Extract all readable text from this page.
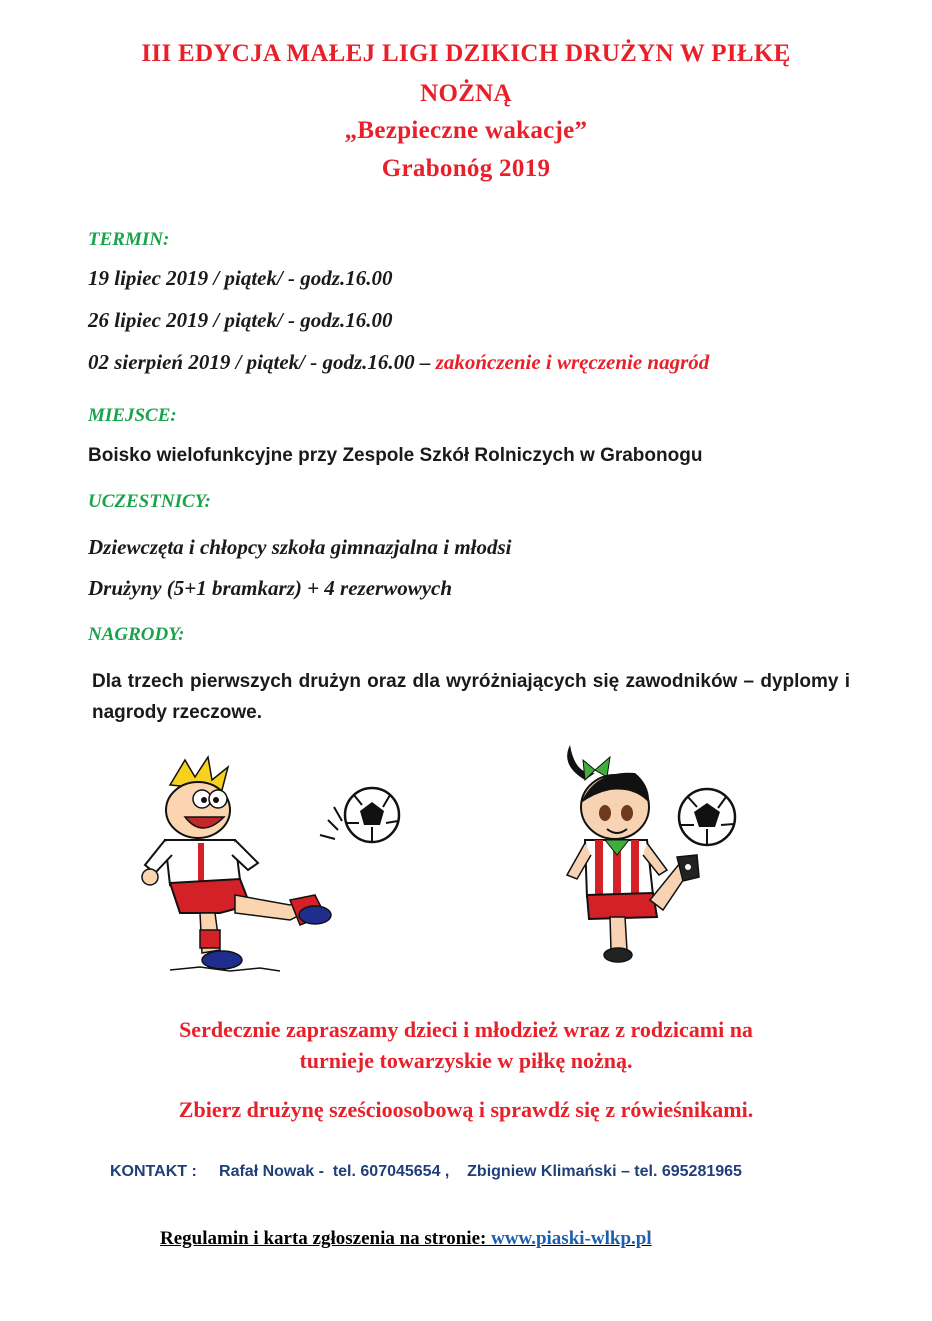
III EDYCJA MAŁEJ LIGI DZIKICH DRUŻYN W PIŁKĘ
NOŻNĄ
„Bezpieczne wakacje”
Grabonóg 2019
TERMIN:
19 lipiec 2019 / piątek/ - godz.16.00
26 lipiec 2019 / piątek/ - godz.16.00
02 sierpień 2019 / piątek/ - godz.16.00 – zakończenie i wręczenie nagród
MIEJSCE:
Boisko wielofunkcyjne przy Zespole Szkół Rolniczych w Grabonogu
UCZESTNICY:
Dziewczęta i chłopcy szkoła gimnazjalna i młodsi
Drużyny (5+1 bramkarz) + 4 rezerwowych
NAGRODY:
Dla trzech pierwszych drużyn oraz dla wyróżniających się zawodników – dyplomy i nagrody rzeczowe.
Serdecznie zapraszamy dzieci i młodzież wraz z rodzicami na
turnieje towarzyskie w piłkę nożną.
Zbierz drużynę sześcioosobową i sprawdź się z rówieśnikami.
KONTAKT :     Rafał Nowak -  tel. 607045654 ,    Zbigniew Klimański – tel. 695281965
Regulamin i karta zgłoszenia na stronie: www.piaski-wlkp.pl
